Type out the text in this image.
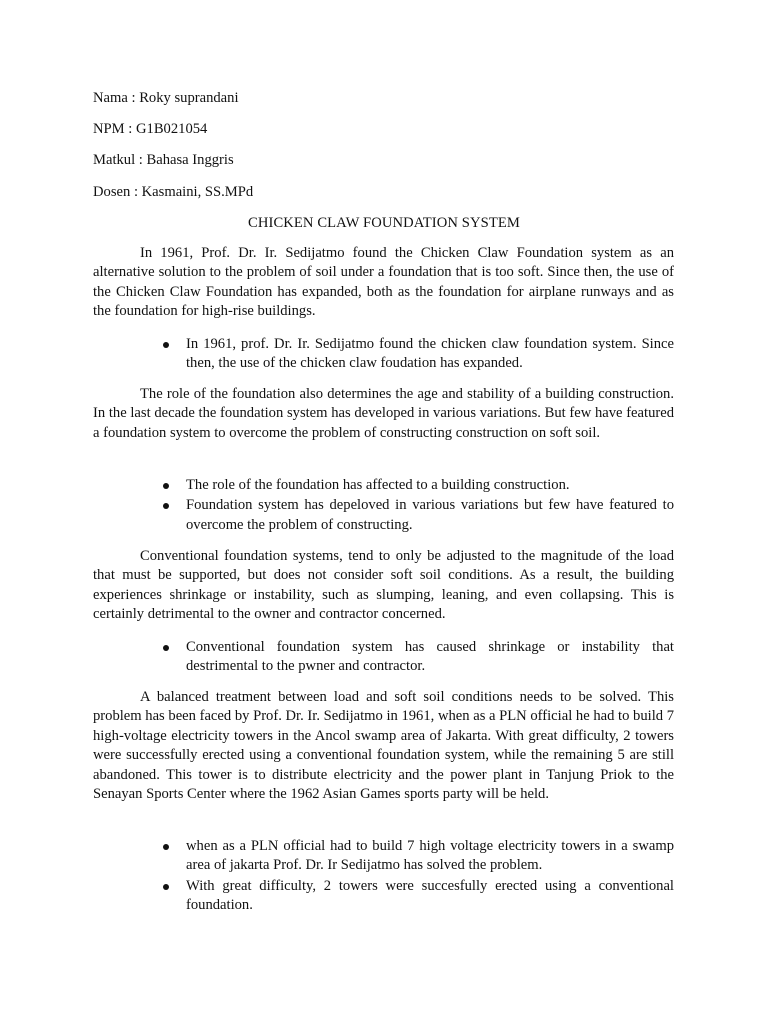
Nama : Roky suprandani
NPM : G1B021054
Matkul : Bahasa Inggris
Dosen : Kasmaini, SS.MPd
CHICKEN CLAW FOUNDATION SYSTEM

In 1961, Prof. Dr. Ir. Sedijatmo found the Chicken Claw Foundation system as an alternative solution to the problem of soil under a foundation that is too soft. Since then, the use of the Chicken Claw Foundation has expanded, both as the foundation for airplane runways and as the foundation for high-rise buildings.

In 1961, prof. Dr. Ir. Sedijatmo found the chicken claw foundation system. Since then, the use of the chicken claw foudation has expanded.

The role of the foundation also determines the age and stability of a building construction. In the last decade the foundation system has developed in various variations. But few have featured a foundation system to overcome the problem of constructing construction on soft soil.

The role of the foundation has affected to a building construction.
Foundation system has depeloved in various variations but few have featured to overcome the problem of constructing.

Conventional foundation systems, tend to only be adjusted to the magnitude of the load that must be supported, but does not consider soft soil conditions. As a result, the building experiences shrinkage or instability, such as slumping, leaning, and even collapsing. This is certainly detrimental to the owner and contractor concerned.

Conventional foundation system has caused shrinkage or instability that destrimental to the pwner and contractor.

A balanced treatment between load and soft soil conditions needs to be solved. This problem has been faced by Prof. Dr. Ir. Sedijatmo in 1961, when as a PLN official he had to build 7 high-voltage electricity towers in the Ancol swamp area of Jakarta. With great difficulty, 2 towers were successfully erected using a conventional foundation system, while the remaining 5 are still abandoned. This tower is to distribute electricity and the power plant in Tanjung Priok to the Senayan Sports Center where the 1962 Asian Games sports party will be held.

when as a PLN official had to build 7 high voltage electricity towers in a swamp area of jakarta Prof. Dr. Ir Sedijatmo has solved the problem.
With great difficulty, 2 towers were succesfully erected using a conventional foundation.
